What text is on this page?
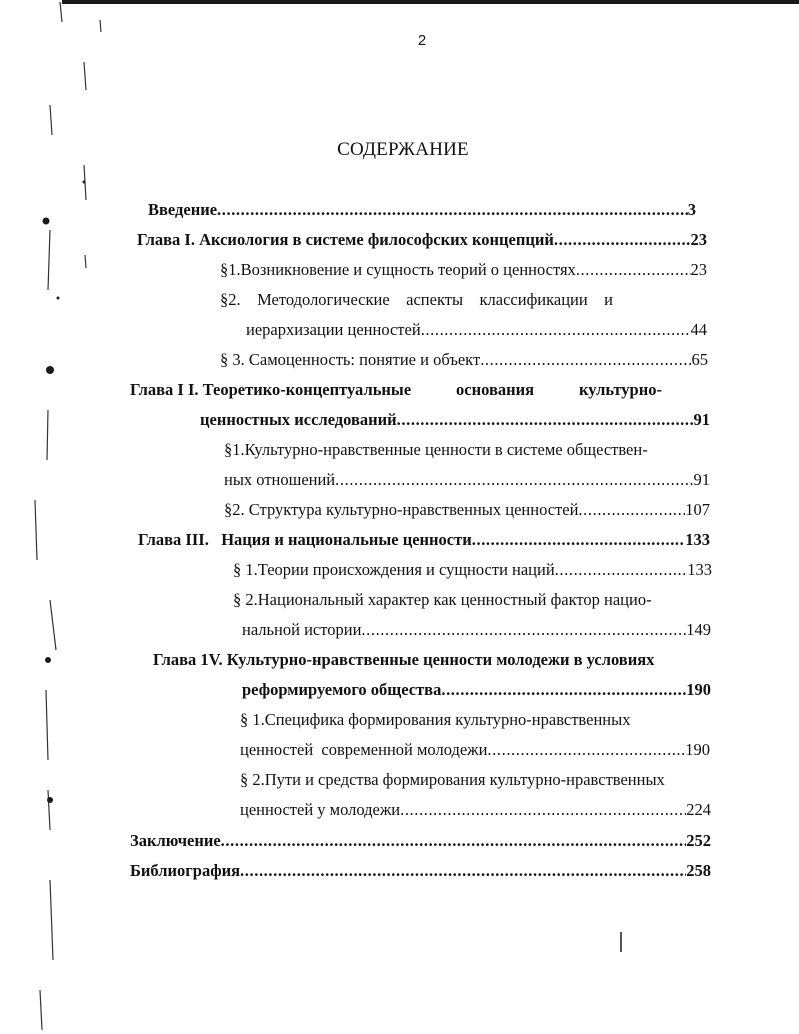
2
СОДЕРЖАНИЕ
Введение .....	3
Глава I. Аксиология в системе философских концепций .....	23
§1.Возникновение и сущность теорий о ценностях .....	23
§2. Методологические аспекты классификации и
иерархизации ценностей .....	44
§ 3. Самоценность: понятие и объект .....	65
Глава I I. Теоретико-концептуальные	основания	культурно-
ценностных исследований .....	91
§1.Культурно-нравственные ценности в системе обществен-
ных отношений .....	91
§2. Структура культурно-нравственных ценностей .....	107
Глава III.   Нация и национальные ценности .....	133
§ 1.Теории происхождения и сущности наций .....	133
§ 2.Национальный характер как ценностный фактор нацио-
нальной истории .....	149
Глава 1V. Культурно-нравственные ценности молодежи в условиях
реформируемого общества .....	190
§ 1.Специфика формирования культурно-нравственных
ценностей  современной молодежи .....	190
§ 2.Пути и средства формирования культурно-нравственных
ценностей у молодежи .....	224
Заключение .....	252
Библиография .....	258
